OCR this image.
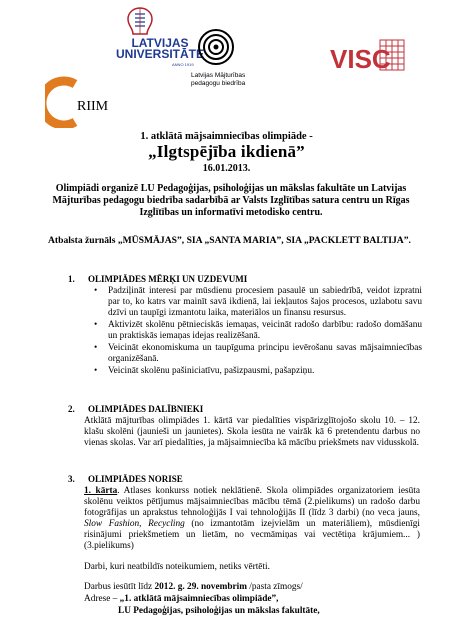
LATVIJAS UNIVERSITĀTE
ANNO 1919
Latvijas Mājturības
pedagogu biedrība
VISC
RIIM
1. atklātā mājsaimniecības olimpiāde -
„Ilgtspējība ikdienā”
16.01.2013.
Olimpiādi organizē LU Pedagoģijas, psiholoģijas un mākslas fakultāte un Latvijas Mājturības pedagogu biedrība sadarbībā ar Valsts Izglītības satura centru un Rīgas Izglītības un informatīvi metodisko centru.
Atbalsta žurnāls „MŪSMĀJAS”, SIA „SANTA MARIA”, SIA „PACKLETT BALTIJA”.
1. OLIMPIĀDES MĒRĶI UN UZDEVUMI
• Padziļināt interesi par mūsdienu procesiem pasaulē un sabiedrībā, veidot izpratni par to, ko katrs var mainīt savā ikdienā, lai iekļautos šajos procesos, uzlabotu savu dzīvi un taupīgi izmantotu laika, materiālos un finansu resursus.
• Aktivizēt skolēnu pētnieciskās iemaņas, veicināt radošo darbību: radošo domāšanu un praktiskās iemaņas idejas realizēšanā.
• Veicināt ekonomiskuma un taupīguma principu ievērošanu savas mājsaimniecības organizēšanā.
• Veicināt skolēnu pašiniciatīvu, pašizpausmi, pašapziņu.
2. OLIMPIĀDES DALĪBNIEKI
Atklātā mājturības olimpiādes 1. kārtā var piedalīties vispārizglītojošo skolu 10. – 12. klašu skolēni (jaunieši un jaunietes). Skola iesūta ne vairāk kā 6 pretendentu darbus no vienas skolas. Var arī piedalīties, ja mājsaimniecība kā mācību priekšmets nav vidusskolā.
3. OLIMPIĀDES NORISE
1. kārta. Atlases konkurss notiek neklātienē. Skola olimpiādes organizatoriem iesūta skolēnu veiktos pētījumus mājsaimniecības mācību tēmā (2.pielikums) un radošo darbu fotogrāfijas un aprakstus tehnoloģijās I vai tehnoloģijās II (līdz 3 darbi) (no veca jauns, Slow Fashion, Recycling (no izmantotām izejvielām un materiāliem), mūsdienīgi risinājumi priekšmetiem un lietām, no vecmāmiņas vai vectētiņa krājumiem... ) (3.pielikums)
Darbi, kuri neatbildīs noteikumiem, netiks vērtēti.
Darbus iesūtīt līdz 2012. g. 29. novembrim /pasta zīmogs/
Adrese – „1. atklātā mājsaimniecības olimpiāde”,
LU Pedagoģijas, psiholoģijas un mākslas fakultāte,
